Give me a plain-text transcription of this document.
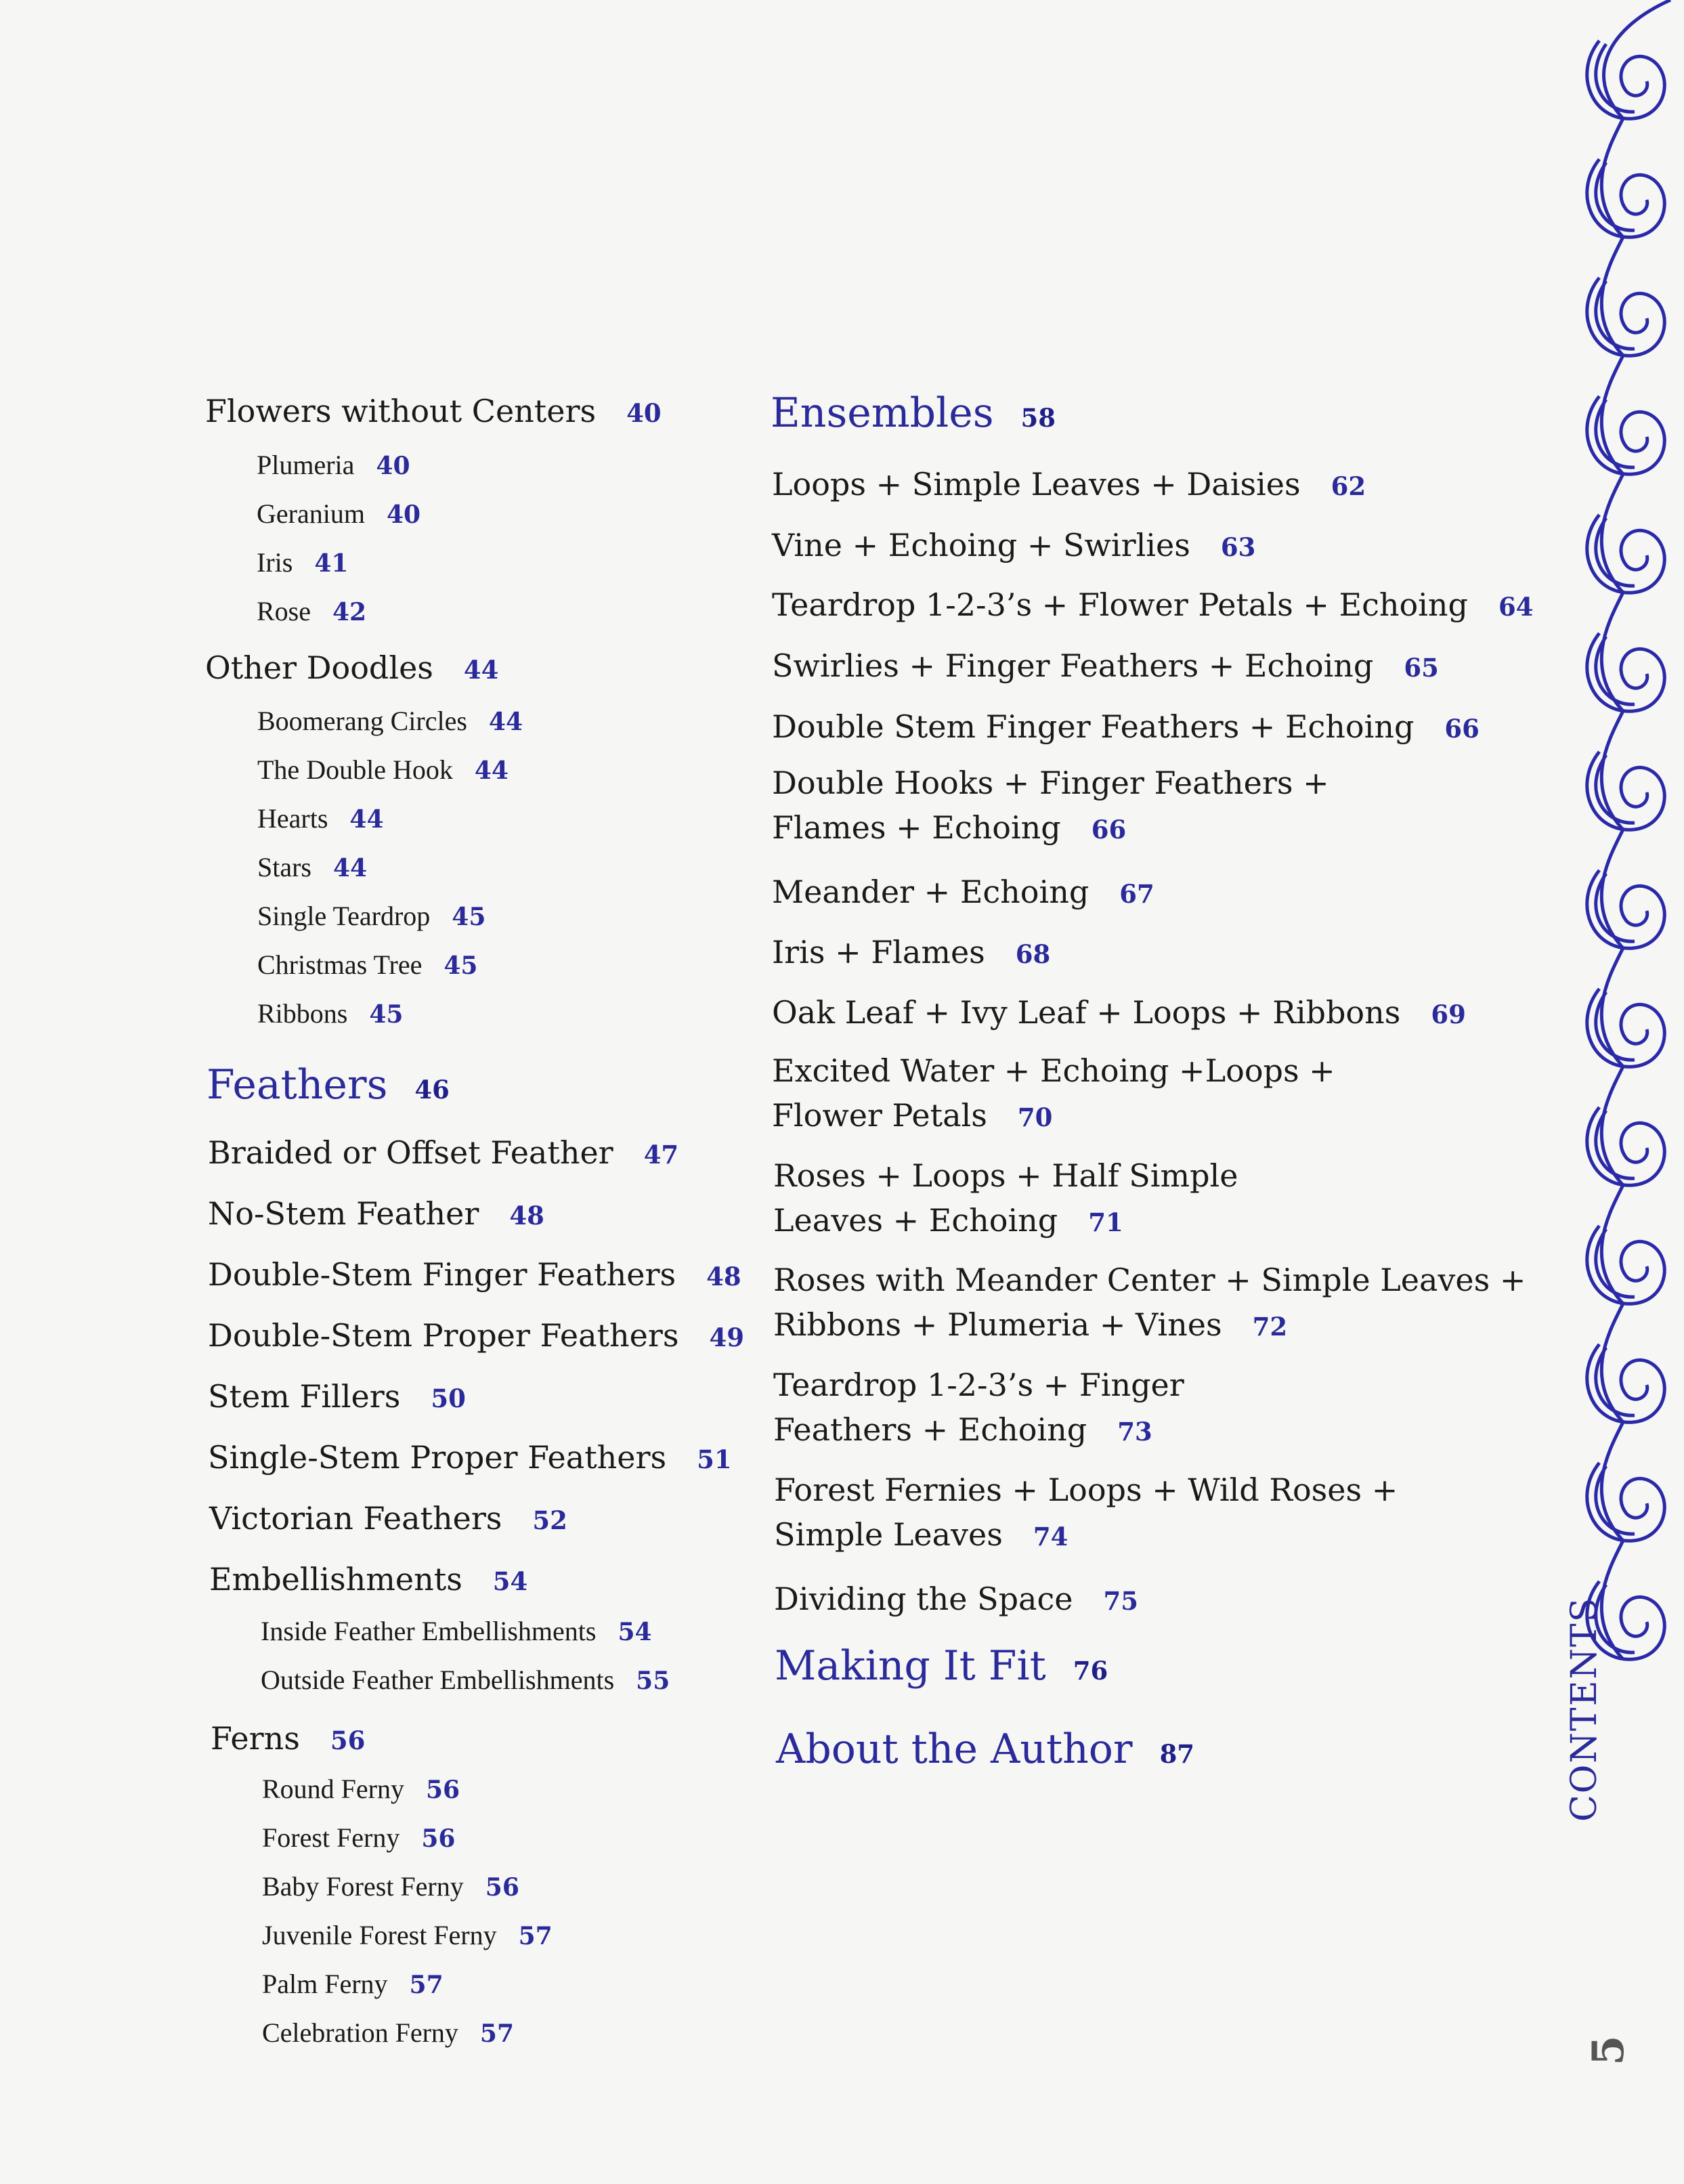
Flowers without Centers 40
Plumeria 40
Geranium 40
Iris 41
Rose 42
Other Doodles 44
Boomerang Circles 44
The Double Hook 44
Hearts 44
Stars 44
Single Teardrop 45
Christmas Tree 45
Ribbons 45
Feathers 46
Braided or Offset Feather 47
No-Stem Feather 48
Double-Stem Finger Feathers 48
Double-Stem Proper Feathers 49
Stem Fillers 50
Single-Stem Proper Feathers 51
Victorian Feathers 52
Embellishments 54
Inside Feather Embellishments 54
Outside Feather Embellishments 55
Ferns 56
Round Ferny 56
Forest Ferny 56
Baby Forest Ferny 56
Juvenile Forest Ferny 57
Palm Ferny 57
Celebration Ferny 57
Ensembles 58
Loops + Simple Leaves + Daisies 62
Vine + Echoing + Swirlies 63
Teardrop 1-2-3’s + Flower Petals + Echoing 64
Swirlies + Finger Feathers + Echoing 65
Double Stem Finger Feathers + Echoing 66
Double Hooks + Finger Feathers +
Flames + Echoing 66
Meander + Echoing 67
Iris + Flames 68
Oak Leaf + Ivy Leaf + Loops + Ribbons 69
Excited Water + Echoing +Loops +
Flower Petals 70
Roses + Loops + Half Simple
Leaves + Echoing 71
Roses with Meander Center + Simple Leaves +
Ribbons + Plumeria + Vines 72
Teardrop 1-2-3’s + Finger
Feathers + Echoing 73
Forest Fernies + Loops + Wild Roses +
Simple Leaves 74
Dividing the Space 75
Making It Fit 76
About the Author 87	CONTENTS
5
